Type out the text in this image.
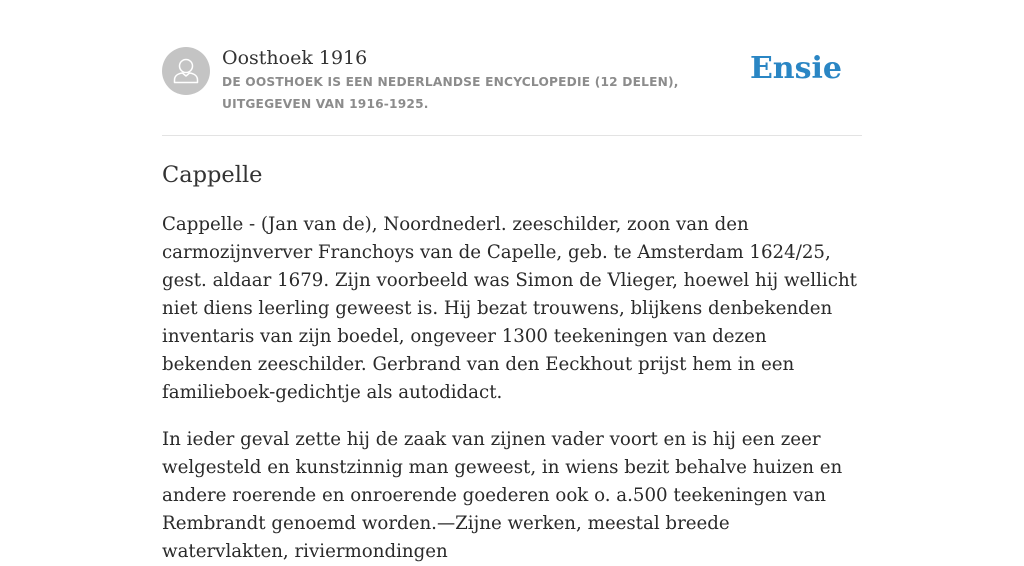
Oosthoek 1916
DE OOSTHOEK IS EEN NEDERLANDSE ENCYCLOPEDIE (12 DELEN), UITGEGEVEN VAN 1916-1925.
Ensie
Cappelle

Cappelle - (Jan van de), Noordnederl. zeeschilder, zoon van den carmozijnverver Franchoys van de Capelle, geb. te Amsterdam 1624/25, gest. aldaar 1679. Zijn voorbeeld was Simon de Vlieger, hoewel hij wellicht niet diens leerling geweest is. Hij bezat trouwens, blijkens denbekenden inventaris van zijn boedel, ongeveer 1300 teekeningen van dezen bekenden zeeschilder. Gerbrand van den Eeckhout prijst hem in een familieboek-gedichtje als autodidact.

In ieder geval zette hij de zaak van zijnen vader voort en is hij een zeer welgesteld en kunstzinnig man geweest, in wiens bezit behalve huizen en andere roerende en onroerende goederen ook o. a.500 teekeningen van Rembrandt genoemd worden.—Zijne werken, meestal breede watervlakten, riviermondingen
